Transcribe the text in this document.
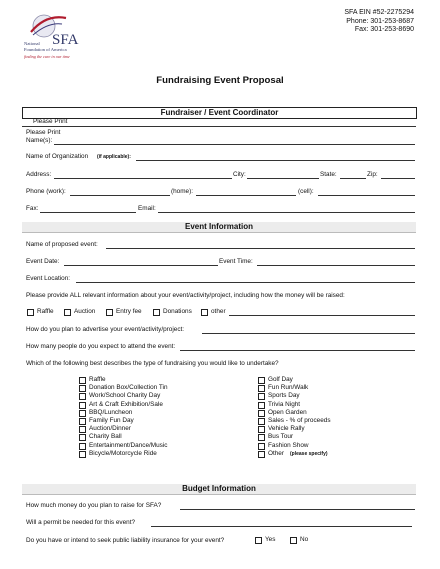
SFA
National
Foundation of America
finding the cure in our time
SFA EIN #52-2275294
Phone: 301-253-8687
Fax: 301-253-8690
Fundraising Event Proposal
Fundraiser / Event Coordinator
Please Print
Please Print
Name(s):
Name of Organization (if applicable):
Address:	City:	State:	Zip:
Phone (work):	(home):	(cell):
Fax:	Email:
Event Information
Name of proposed event:
Event Date:	Event Time:
Event Location:
Please provide ALL relevant information about your event/activity/project, including how the money will be raised:
Raffle	Auction	Entry fee	Donations	other
How do you plan to advertise your event/activity/project:
How many people do you expect to attend the event:
Which of the following best describes the type of fundraising you would like to undertake?
Raffle
Donation Box/Collection Tin
Work/School Charity Day
Art & Craft Exhibition/Sale
BBQ/Luncheon
Family Fun Day
Auction/Dinner
Charity Ball
Entertainment/Dance/Music
Bicycle/Motorcycle Ride
Golf Day
Fun Run/Walk
Sports Day
Trivia Night
Open Garden
Sales - % of proceeds
Vehicle Rally
Bus Tour
Fashion Show
Other (please specify)
Budget Information
How much money do you plan to raise for SFA?
Will a permit be needed for this event?
Do you have or intend to seek public liability insurance for your event?	Yes	No
